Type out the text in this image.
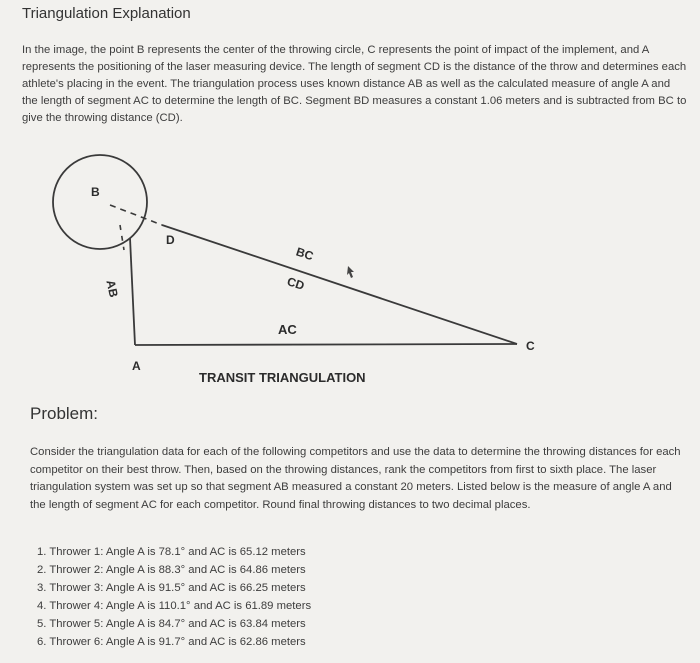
Triangulation Explanation
In the image, the point B represents the center of the throwing circle, C represents the point of impact of the implement, and A represents the positioning of the laser measuring device. The length of segment CD is the distance of the throw and determines each athlete's placing in the event. The triangulation process uses known distance AB as well as the calculated measure of angle A and the length of segment AC to determine the length of BC. Segment BD measures a constant 1.06 meters and is subtracted from BC to give the throwing distance (CD).
B
D
BC
CD
AB
AC
C
A
TRANSIT TRIANGULATION
Problem:
Consider the triangulation data for each of the following competitors and use the data to determine the throwing distances for each competitor on their best throw. Then, based on the throwing distances, rank the competitors from first to sixth place. The laser triangulation system was set up so that segment AB measured a constant 20 meters. Listed below is the measure of angle A and the length of segment AC for each competitor. Round final throwing distances to two decimal places.
1. Thrower 1: Angle A is 78.1° and AC is 65.12 meters
2. Thrower 2: Angle A is 88.3° and AC is 64.86 meters
3. Thrower 3: Angle A is 91.5° and AC is 66.25 meters
4. Thrower 4: Angle A is 110.1° and AC is 61.89 meters
5. Thrower 5: Angle A is 84.7° and AC is 63.84 meters
6. Thrower 6: Angle A is 91.7° and AC is 62.86 meters
